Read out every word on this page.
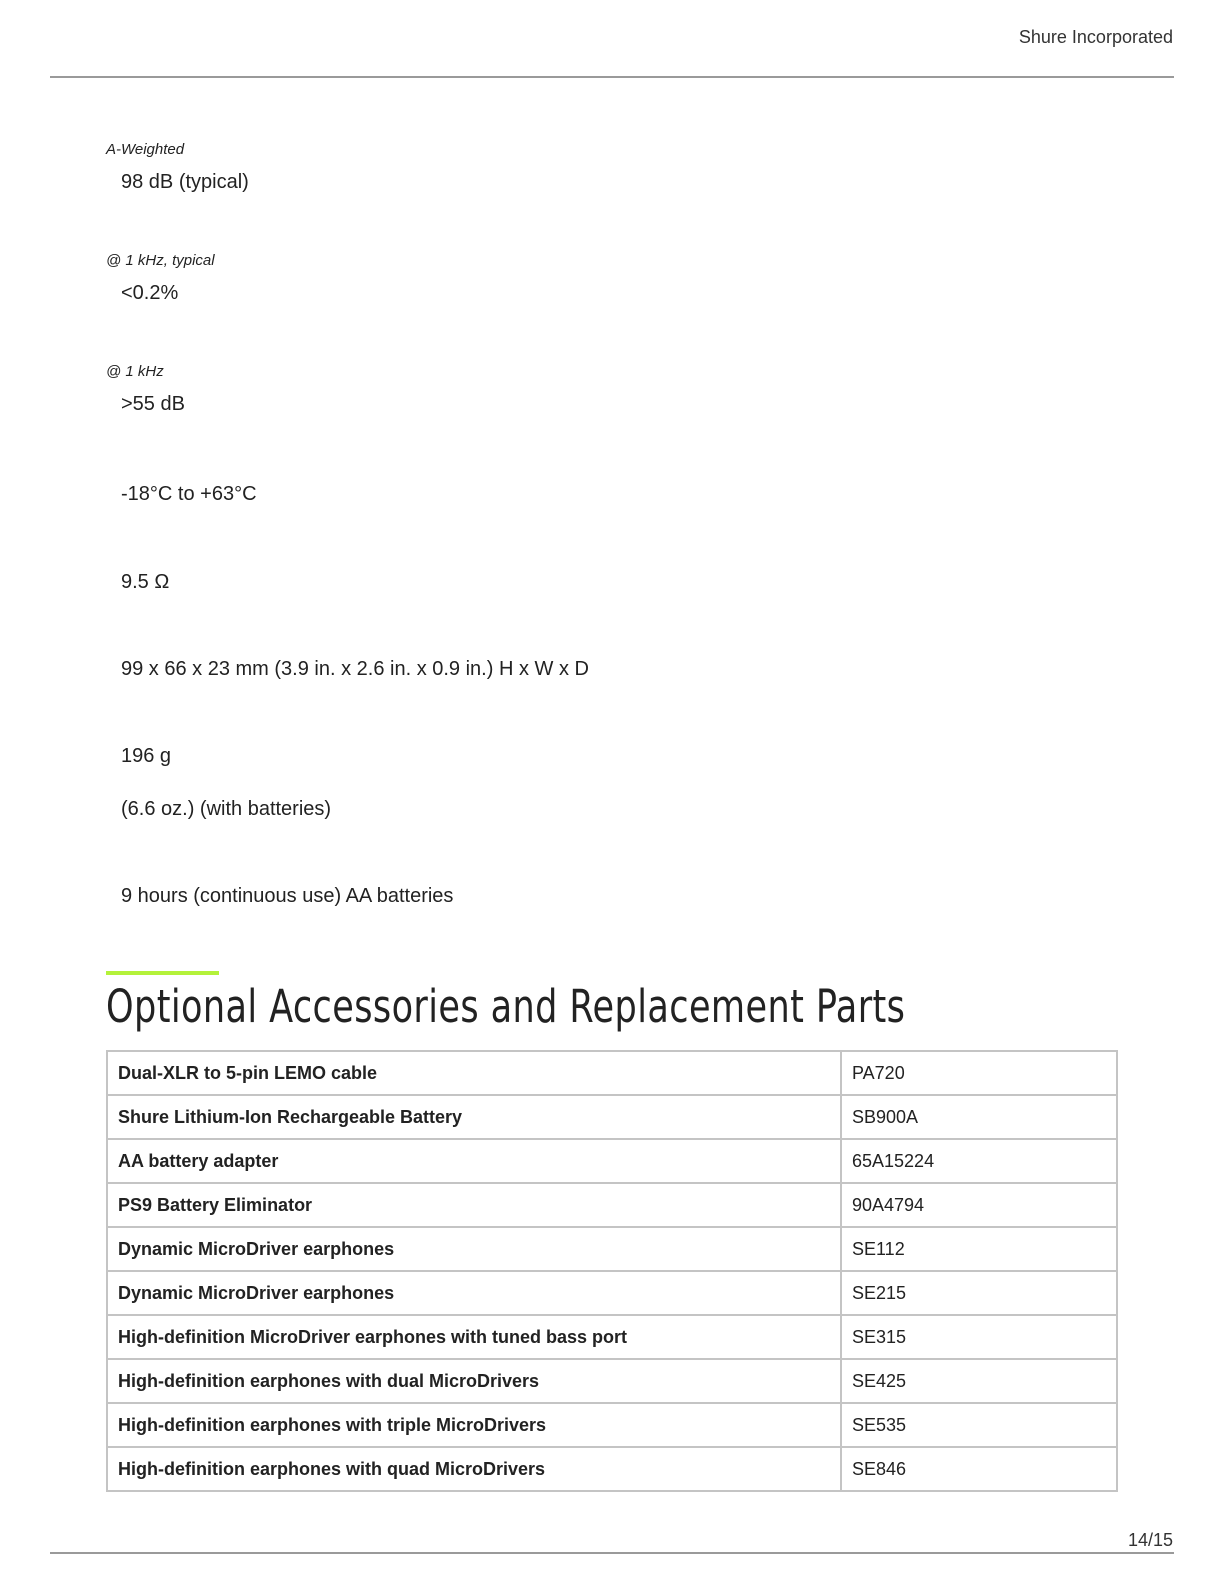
Shure Incorporated
A-Weighted
98 dB (typical)
@ 1 kHz, typical
<0.2%
@ 1 kHz
>55 dB
-18°C to +63°C
9.5 Ω
99 x 66 x 23 mm (3.9 in. x 2.6 in. x 0.9 in.) H x W x D
196 g
(6.6 oz.) (with batteries)
9 hours (continuous use) AA batteries
Optional Accessories and Replacement Parts
Dual-XLR to 5-pin LEMO cable	PA720
Shure Lithium-Ion Rechargeable Battery	SB900A
AA battery adapter	65A15224
PS9 Battery Eliminator	90A4794
Dynamic MicroDriver earphones	SE112
Dynamic MicroDriver earphones	SE215
High-definition MicroDriver earphones with tuned bass port	SE315
High-definition earphones with dual MicroDrivers	SE425
High-definition earphones with triple MicroDrivers	SE535
High-definition earphones with quad MicroDrivers	SE846
14/15
